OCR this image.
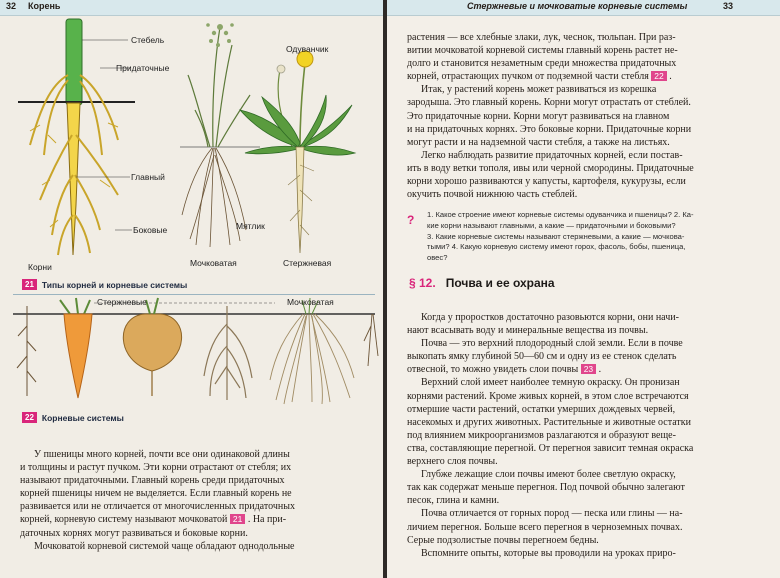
32 Корень
Стебель
Придаточные
Главный
Боковые
Корни
Мятлик
Мочковатая
Одуванчик
Стержневая
21 Типы корней и корневые системы
Стержневые	Мочковатая
22 Корневые системы
У пшеницы много корней, почти все они одинаковой длины
и толщины и растут пучком. Эти корни отрастают от стебля; их
называют придаточными. Главный корень среди придаточных
корней пшеницы ничем не выделяется. Если главный корень не
развивается или не отличается от многочисленных придаточных
корней, корневую систему называют мочковатой 21 . На при-
даточных корнях могут развиваться и боковые корни.
Мочковатой корневой системой чаще обладают однодольные
Стержневые и мочковатые корневые системы	33
растения — все хлебные злаки, лук, чеснок, тюльпан. При раз-
витии мочковатой корневой системы главный корень растет не-
долго и становится незаметным среди множества придаточных
корней, отрастающих пучком от подземной части стебля 22 .
Итак, у растений корень может развиваться из корешка
зародыша. Это главный корень. Корни могут отрастать от стеблей.
Это придаточные корни. Корни могут развиваться на главном
и на придаточных корнях. Это боковые корни. Придаточные корни
могут расти и на надземной части стебля, а также на листьях.
Легко наблюдать развитие придаточных корней, если постав-
ить в воду ветки тополя, ивы или черной смородины. Придаточные
корни хорошо развиваются у капусты, картофеля, кукурузы, если
окучить почвой нижнюю часть стеблей.
? 1. Какое строение имеют корневые системы одуванчика и пшеницы? 2. Ка-
кие корни называют главными, а какие — придаточными и боковыми?
3. Какие корневые системы называют стержневыми, а какие — мочкова-
тыми? 4. Какую корневую систему имеют горох, фасоль, бобы, пшеница,
овес?
§ 12. Почва и ее охрана
Когда у проростков достаточно разовьются корни, они начи-
нают всасывать воду и минеральные вещества из почвы.
Почва — это верхний плодородный слой земли. Если в почве
выкопать ямку глубиной 50—60 см и одну из ее стенок сделать
отвесной, то можно увидеть слои почвы 23 .
Верхний слой имеет наиболее темную окраску. Он пронизан
корнями растений. Кроме живых корней, в этом слое встречаются
отмершие части растений, остатки умерших дождевых червей,
насекомых и других животных. Растительные и животные остатки
под влиянием микроорганизмов разлагаются и образуют веще-
ства, составляющие перегной. От перегноя зависит темная окраска
верхнего слоя почвы.
Глубже лежащие слои почвы имеют более светлую окраску,
так как содержат меньше перегноя. Под почвой обычно залегают
песок, глина и камни.
Почва отличается от горных пород — песка или глины — на-
личием перегноя. Больше всего перегноя в черноземных почвах.
Серые подзолистые почвы перегноем бедны.
Вспомните опыты, которые вы проводили на уроках приро-
